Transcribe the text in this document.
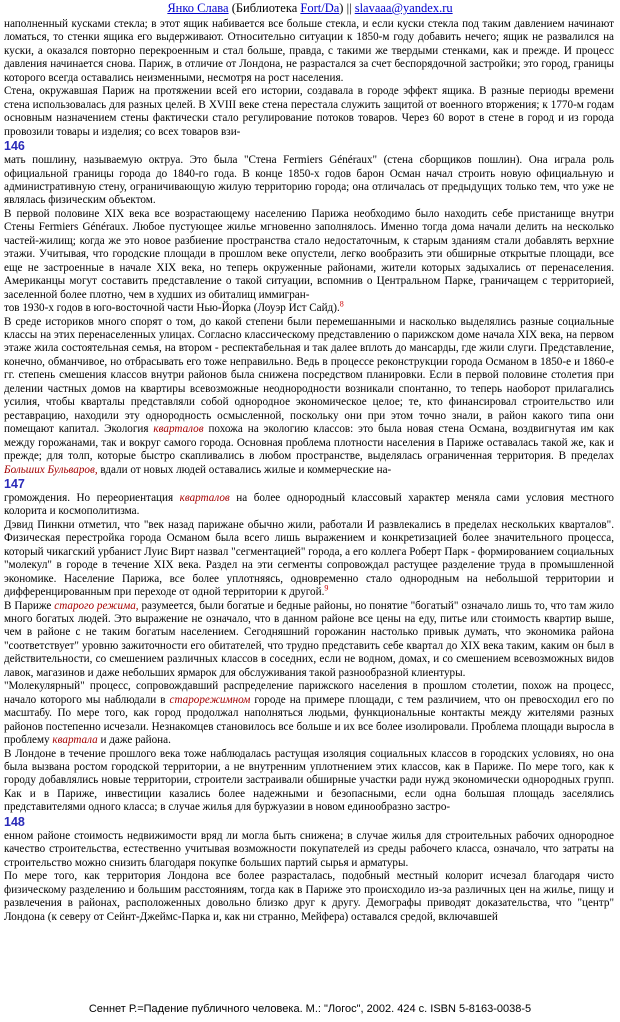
Янко Слава (Библиотека Fort/Da) || slavaaa@yandex.ru

наполненный кусками стекла; в этот ящик набивается все больше стекла, и если куски стекла под таким давлением начинают ломаться, то стенки ящика его выдерживают. Относительно ситуации к 1850-м году добавить нечего; ящик не развалился на куски, а оказался повторно перекроенным и стал больше, правда, с такими же твердыми стенками, как и прежде. И процесс давления начинается снова. Париж, в отличие от Лондона, не разрастался за счет беспорядочной застройки; это город, границы которого всегда оставались неизменными, несмотря на рост населения.

Стена, окружавшая Париж на протяжении всей его истории, создавала в городе эффект ящика. В разные периоды времени стена использовалась для разных целей. В XVIII веке стена перестала служить защитой от военного вторжения; к 1770-м годам основным назначением стены фактически стало регулирование потоков товаров. Через 60 ворот в стене в город и из города провозили товары и изделия; со всех товаров взи-

146

мать пошлину, называемую октруа. Это была "Стена Fermiers Généraux" (стена сборщиков пошлин). Она играла роль официальной границы города до 1840-го года. В конце 1850-х годов барон Осман начал строить новую официальную и административную стену, ограничивающую жилую территорию города; она отличалась от предыдущих только тем, что уже не являлась физическим объектом.

В первой половине XIX века все возрастающему населению Парижа необходимо было находить себе пристанище внутри Стены Fermiers Généraux. Любое пустующее жилье мгновенно заполнялось. Именно тогда дома начали делить на несколько частей-жилищ; когда же это новое разбиение пространства стало недостаточным, к старым зданиям стали добавлять верхние этажи. Учитывая, что городские площади в прошлом веке опустели, легко вообразить эти обширные открытые площади, все еще не застроенные в начале XIX века, но теперь окруженные районами, жители которых задыхались от перенаселения. Американцы могут составить представление о такой ситуации, вспомнив о Центральном Парке, граничащем с территорией, заселенной более плотно, чем в худших из обиталищ иммигран-

тов 1930-х годов в юго-восточной части Нью-Йорка (Лоуэр Ист Сайд).$^8$

В среде историков много спорят о том, до какой степени были перемешанными и насколько выделялись разные социальные классы на этих перенаселенных улицах. Согласно классическому представлению о парижском доме начала XIX века, на первом этаже жила состоятельная семья, на втором - респектабельная и так далее вплоть до мансарды, где жили слуги. Представление, конечно, обманчивое, но отбрасывать его тоже неправильно. Ведь в процессе реконструкции города Османом в 1850-е и 1860-е гг. степень смешения классов внутри районов была снижена посредством планировки. Если в первой половине столетия при делении частных домов на квартиры всевозможные неоднородности возникали спонтанно, то теперь наоборот прилагались усилия, чтобы кварталы представляли собой однородное экономическое целое; те, кто финансировал строительство или реставрацию, находили эту однородность осмысленной, поскольку они при этом точно знали, в район какого типа они помещают капитал. Экология кварталов похожа на экологию классов: это была новая стена Османа, воздвигнутая им как между горожанами, так и вокруг самого города. Основная проблема плотности населения в Париже оставалась такой же, как и прежде; для толп, которые быстро скапливались в любом пространстве, выделялась ограниченная территория. В пределах Больших Бульваров, вдали от новых людей оставались жилые и коммерческие на-

147

громождения. Но переориентация кварталов на более однородный классовый характер меняла сами условия местного колорита и космополитизма.

Дэвид Пинкни отметил, что "век назад парижане обычно жили, работали И развлекались в пределах нескольких кварталов". Физическая перестройка города Османом была всего лишь выражением и конкретизацией более значительного процесса, который чикагский урбанист Луис Вирт назвал "сегментацией" города, а его коллега Роберт Парк - формированием социальных "молекул" в городе в течение XIX века. Раздел на эти сегменты сопровождал растущее разделение труда в промышленной экономике. Население Парижа, все более уплотняясь, одновременно стало однородным на небольшой территории и дифференцированным при переходе от одной территории к другой.$^9$

В Париже старого режима, разумеется, были богатые и бедные районы, но понятие "богатый" означало лишь то, что там жило много богатых людей. Это выражение не означало, что в данном районе все цены на еду, питье или стоимость квартир выше, чем в районе с не таким богатым населением. Сегодняшний горожанин настолько привык думать, что экономика района "соответствует" уровню зажиточности его обитателей, что трудно представить себе квартал до XIX века таким, каким он был в действительности, со смешением различных классов в соседних, если не водном, домах, и со смешением всевозможных видов лавок, магазинов и даже небольших ярмарок для обслуживания такой разнообразной клиентуры.

"Молекулярный" процесс, сопровождавший распределение парижского населения в прошлом столетии, похож на процесс, начало которого мы наблюдали в старорежимном городе на примере площади, с тем различием, что он превосходил его по масштабу. По мере того, как город продолжал наполняться людьми, функциональные контакты между жителями разных районов постепенно исчезали. Незнакомцев становилось все больше и их все более изолировали. Проблема площади выросла в проблему квартала и даже района.

В Лондоне в течение прошлого века тоже наблюдалась растущая изоляция социальных классов в городских условиях, но она была вызвана ростом городской территории, а не внутренним уплотнением этих классов, как в Париже. По мере того, как к городу добавлялись новые территории, строители застраивали обширные участки ради нужд экономически однородных групп. Как и в Париже, инвестиции казались более надежными и безопасными, если одна большая площадь заселялись представителями одного класса; в случае жилья для буржуазии в новом единообразно застро-

148

енном районе стоимость недвижимости вряд ли могла быть снижена; в случае жилья для строительных рабочих однородное качество строительства, естественно учитывая возможности покупателей из среды рабочего класса, означало, что затраты на строительство можно снизить благодаря покупке больших партий сырья и арматуры.

По мере того, как территория Лондона все более разрасталась, подобный местный колорит исчезал благодаря чисто физическому разделению и большим расстояниям, тогда как в Париже это происходило из-за различных цен на жилье, пищу и развлечения в районах, расположенных довольно близко друг к другу. Демографы приводят доказательства, что "центр" Лондона (к северу от Сейнт-Джеймс-Парка и, как ни странно, Мейфера) оставался средой, включавшей

Сеннет Р.=Падение публичного человека. М.: "Логос", 2002. 424 с. ISBN 5-8163-0038-5
